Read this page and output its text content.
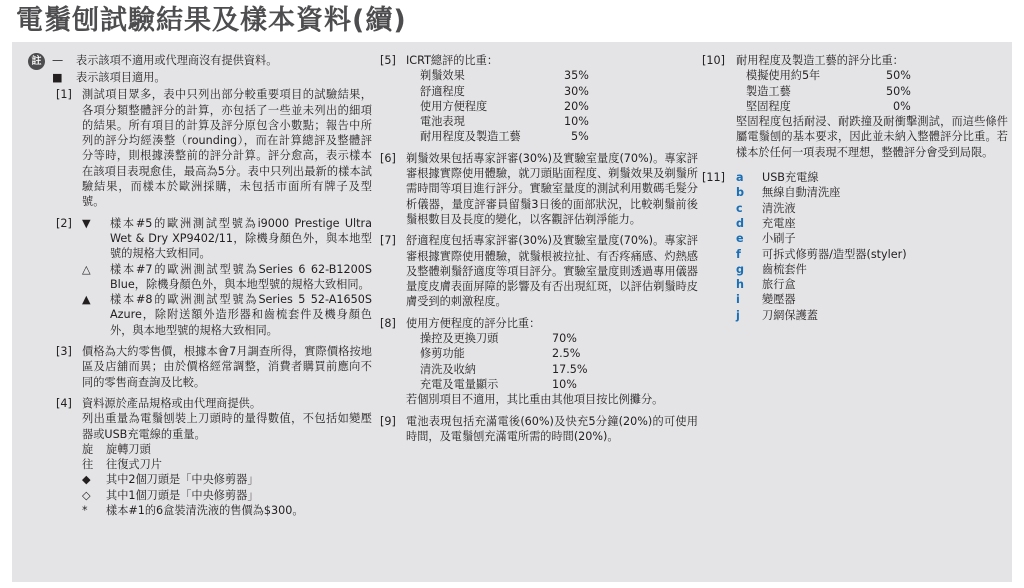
電鬚刨試驗結果及樣本資料(續)
註 —	表示該項不適用或代理商沒有提供資料。
■	表示該項目適用。
[1] 測試項目眾多，表中只列出部分較重要項目的試驗結果，各項分類整體評分的計算，亦包括了一些並未列出的細項的結果。所有項目的計算及評分原包含小數點；報告中所列的評分均經湊整（rounding），而在計算總評及整體評分等時，則根據湊整前的評分計算。評分愈高，表示樣本在該項目表現愈佳，最高為5分。表中只列出最新的樣本試驗結果，而樣本於歐洲採購，未包括市面所有牌子及型號。
[2] ▼	樣本#5的歐洲測試型號為i9000 Prestige Ultra Wet & Dry XP9402/11，除機身顏色外，與本地型號的規格大致相同。
△	樣本#7的歐洲測試型號為Series 6 62-B1200S Blue，除機身顏色外，與本地型號的規格大致相同。
▲	樣本#8的歐洲測試型號為Series 5 52-A1650S Azure，除附送額外造形器和齒梳套件及機身顏色外，與本地型號的規格大致相同。
[3] 價格為大約零售價，根據本會7月調查所得，實際價格按地區及店舖而異；由於價格經常調整，消費者購買前應向不同的零售商查詢及比較。
[4] 資料源於產品規格或由代理商提供。
列出重量為電鬚刨裝上刀頭時的量得數值，不包括如變壓器或USB充電線的重量。
旋	旋轉刀頭
往	往復式刀片
◆	其中2個刀頭是「中央修剪器」
◇	其中1個刀頭是「中央修剪器」
*	樣本#1的6盒裝清洗液的售價為$300。
[5] ICRT總評的比重：
剃鬚效果	35%
舒適程度	30%
使用方便程度	20%
電池表現	10%
耐用程度及製造工藝	5%
[6] 剃鬚效果包括專家評審(30%)及實驗室量度(70%)。專家評審根據實際使用體驗，就刀頭貼面程度、剃鬚效果及剃鬚所需時間等項目進行評分。實驗室量度的測試利用數碼毛髮分析儀器，量度評審員留鬚3日後的面部狀況，比較剃鬚前後鬚根數目及長度的變化，以客觀評估剃淨能力。
[7] 舒適程度包括專家評審(30%)及實驗室量度(70%)。專家評審根據實際使用體驗，就鬚根被拉扯、有否疼痛感、灼熱感及整體剃鬚舒適度等項目評分。實驗室量度則透過專用儀器量度皮膚表面屏障的影響及有否出現紅斑，以評估剃鬚時皮膚受到的刺激程度。
[8] 使用方便程度的評分比重：
操控及更換刀頭	70%
修剪功能	2.5%
清洗及收納	17.5%
充電及電量顯示	10%
若個別項目不適用，其比重由其他項目按比例攤分。
[9] 電池表現包括充滿電後(60%)及快充5分鐘(20%)的可使用時間，及電鬚刨充滿電所需的時間(20%)。
[10] 耐用程度及製造工藝的評分比重：
模擬使用約5年	50%
製造工藝	50%
堅固程度	0%
堅固程度包括耐浸、耐跌撞及耐衝擊測試，而這些條件屬電鬚刨的基本要求，因此並未納入整體評分比重。若樣本於任何一項表現不理想，整體評分會受到局限。
[11] a	USB充電線
b	無線自動清洗座
c	清洗液
d	充電座
e	小刷子
f	可拆式修剪器/造型器(styler)
g	齒梳套件
h	旅行盒
i	變壓器
j	刀網保護蓋
